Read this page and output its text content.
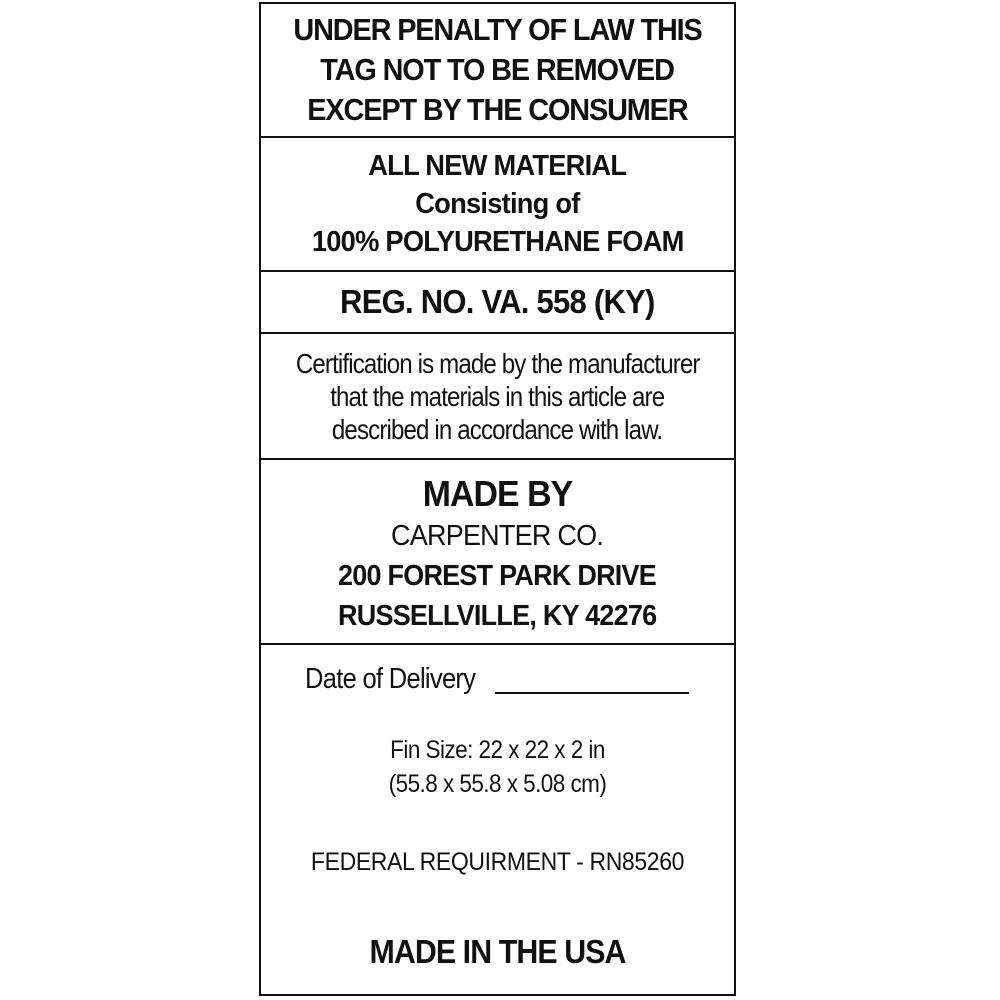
UNDER PENALTY OF LAW THIS
TAG NOT TO BE REMOVED
EXCEPT BY THE CONSUMER
ALL NEW MATERIAL
Consisting of
100% POLYURETHANE FOAM
REG. NO. VA. 558 (KY)
Certification is made by the manufacturer
that the materials in this article are
described in accordance with law.
MADE BY
CARPENTER CO.
200 FOREST PARK DRIVE
RUSSELLVILLE, KY 42276
Date of Delivery
Fin Size: 22 x 22 x 2 in
(55.8 x 55.8 x 5.08 cm)
FEDERAL REQUIRMENT - RN85260
MADE IN THE USA
